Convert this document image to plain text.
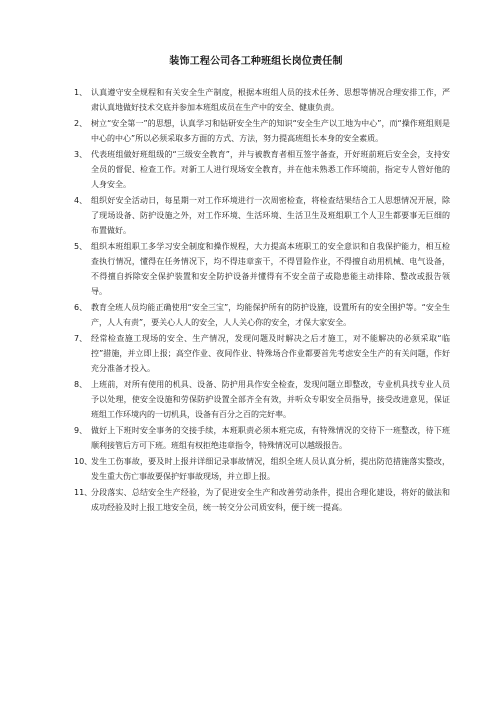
装饰工程公司各工种班组长岗位责任制
1、 认真遵守安全规程和有关安全生产制度，根据本班组人员的技术任务、思想等情况合理安排工作，严肃认真地做好技术交底并参加本班组成员在生产中的安全、健康负责。
2、 树立“安全第一”的思想，认真学习和钻研安全生产的知识“安全生产以工地为中心”，而“操作班组则是中心的中心”所以必须采取多方面的方式、方法，努力提高班组长本身的安全素质。
3、 代表班组做好班组级的“三级安全教育”，并与被教育者相互签字备查，开好班前班后安全会，支持安全员的督促、检查工作。对新工人进行现场安全教育，并在他未熟悉工作环境前，指定专人管好他的人身安全。
4、 组织好安全活动日，每星期一对工作环境进行一次周密检查，将检查结果结合工人思想情况开展，除了现场设备、防护设施之外，对工作环境、生活环境、生活卫生及班组职工个人卫生都要事无巨细的布置做好。
5、 组织本班组职工多学习安全制度和操作规程，大力提高本班职工的安全意识和自我保护能力，相互检查执行情况，懂得在任务情况下，均不得违章蛮干，不得冒险作业，不得擅自动用机械、电气设备，不得擅自拆除安全保护装置和安全防护设备并懂得有不安全苗子或隐患能主动排除、整改或报告领导。
6、 教育全班人员均能正确使用“安全三宝”，均能保护所有的防护设施，设置所有的安全围护等。“安全生产，人人有责”，要关心人人的安全，人人关心你的安全，才保大家安全。
7、 经常检查施工现场的安全、生产情况，发现问题及时解决之后才施工，对不能解决的必须采取“临控”措施，并立即上报；高空作业、夜间作业、特殊场合作业都要首先考虑安全生产的有关问题，作好充分准备才投入。
8、 上班前，对所有使用的机具、设备、防护用具作安全检查，发现问题立即整改，专业机具找专业人员予以处理，使安全设施和劳保防护设置全部齐全有效，并听众专职安全员指导，接受改进意见，保证班组工作环境内的一切机具，设备有百分之百的完好率。
9、 做好上下班时安全事务的交接手续，本班职责必须本班完成，有特殊情况的交待下一班整改，待下班顺利接管后方可下班。班组有权拒绝违章指令，特殊情况可以越级报告。
10、
发生工伤事故，要及时上报并详细记录事故情况，组织全班人员认真分析，提出防范措施落实整改，发生重大伤亡事故要保护好事故现场，并立即上报。
11、
分段落实、总结安全生产经验，为了促进安全生产和改善劳动条件，提出合理化建设，将好的做法和成功经验及时上报工地安全员，统一转交分公司质安科，便于统一提高。
